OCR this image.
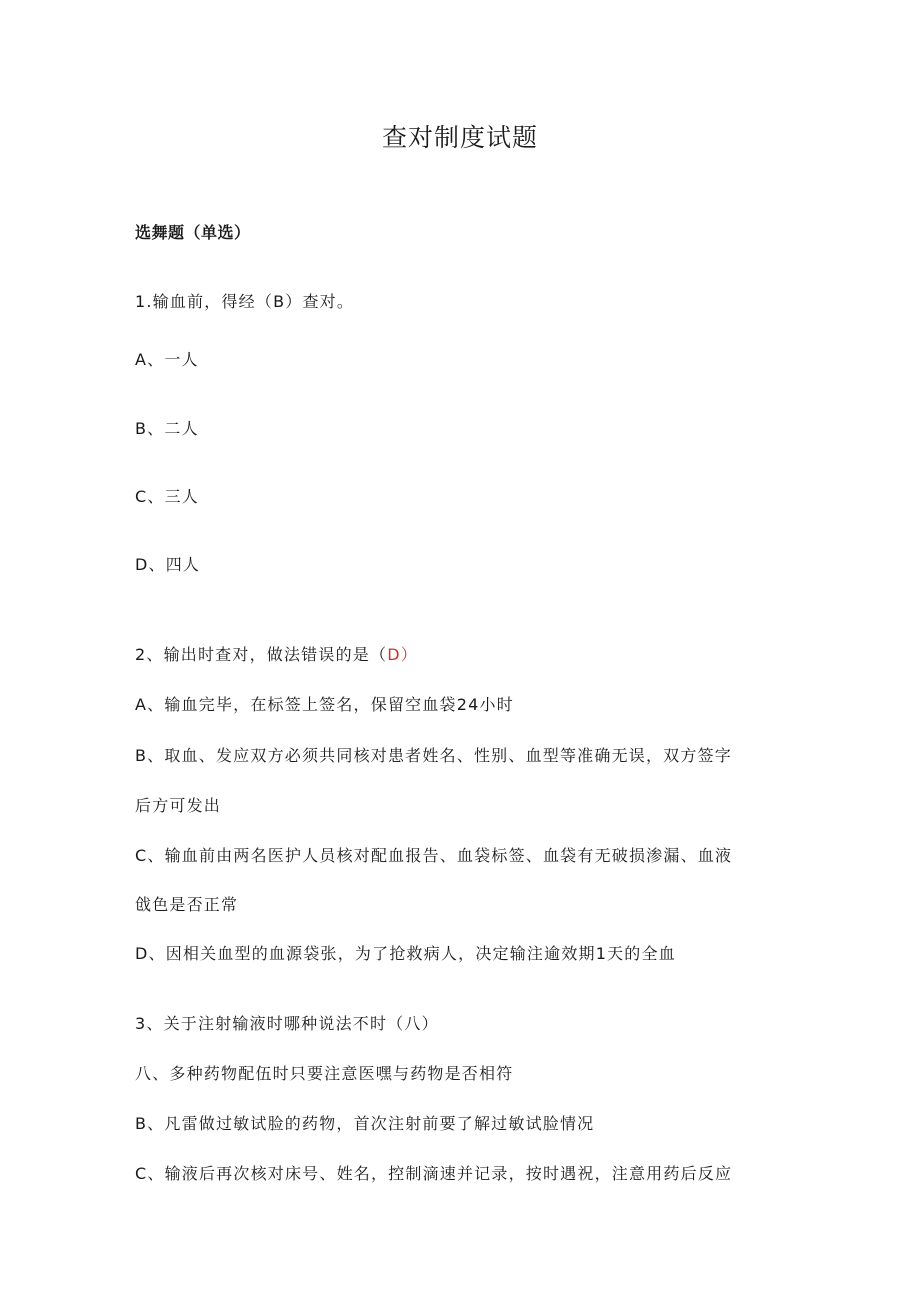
查对制度试题

选舞题（单选）

1.输血前，得经（B）查对。

A、一人

B、二人

C、三人

D、四人

2、输出时查对，做法错误的是（D）

A、输血完毕，在标签上签名，保留空血袋24小时

B、取血、发应双方必须共同核对患者姓名、性别、血型等准确无误，双方签字

后方可发出

C、输血前由两名医护人员核对配血报告、血袋标签、血袋有无破损渗漏、血液

戗色是否正常

D、因相关血型的血源袋张，为了抢救病人，决定输注逾效期1天的全血

3、关于注射输液时哪种说法不时（八）

八、多种药物配伍时只要注意医嘿与药物是否相符

B、凡雷做过敏试脸的药物，首次注射前要了解过敏试脸情况

C、输液后再次核对床号、姓名，控制滴速并记录，按时遇祝，注意用药后反应
